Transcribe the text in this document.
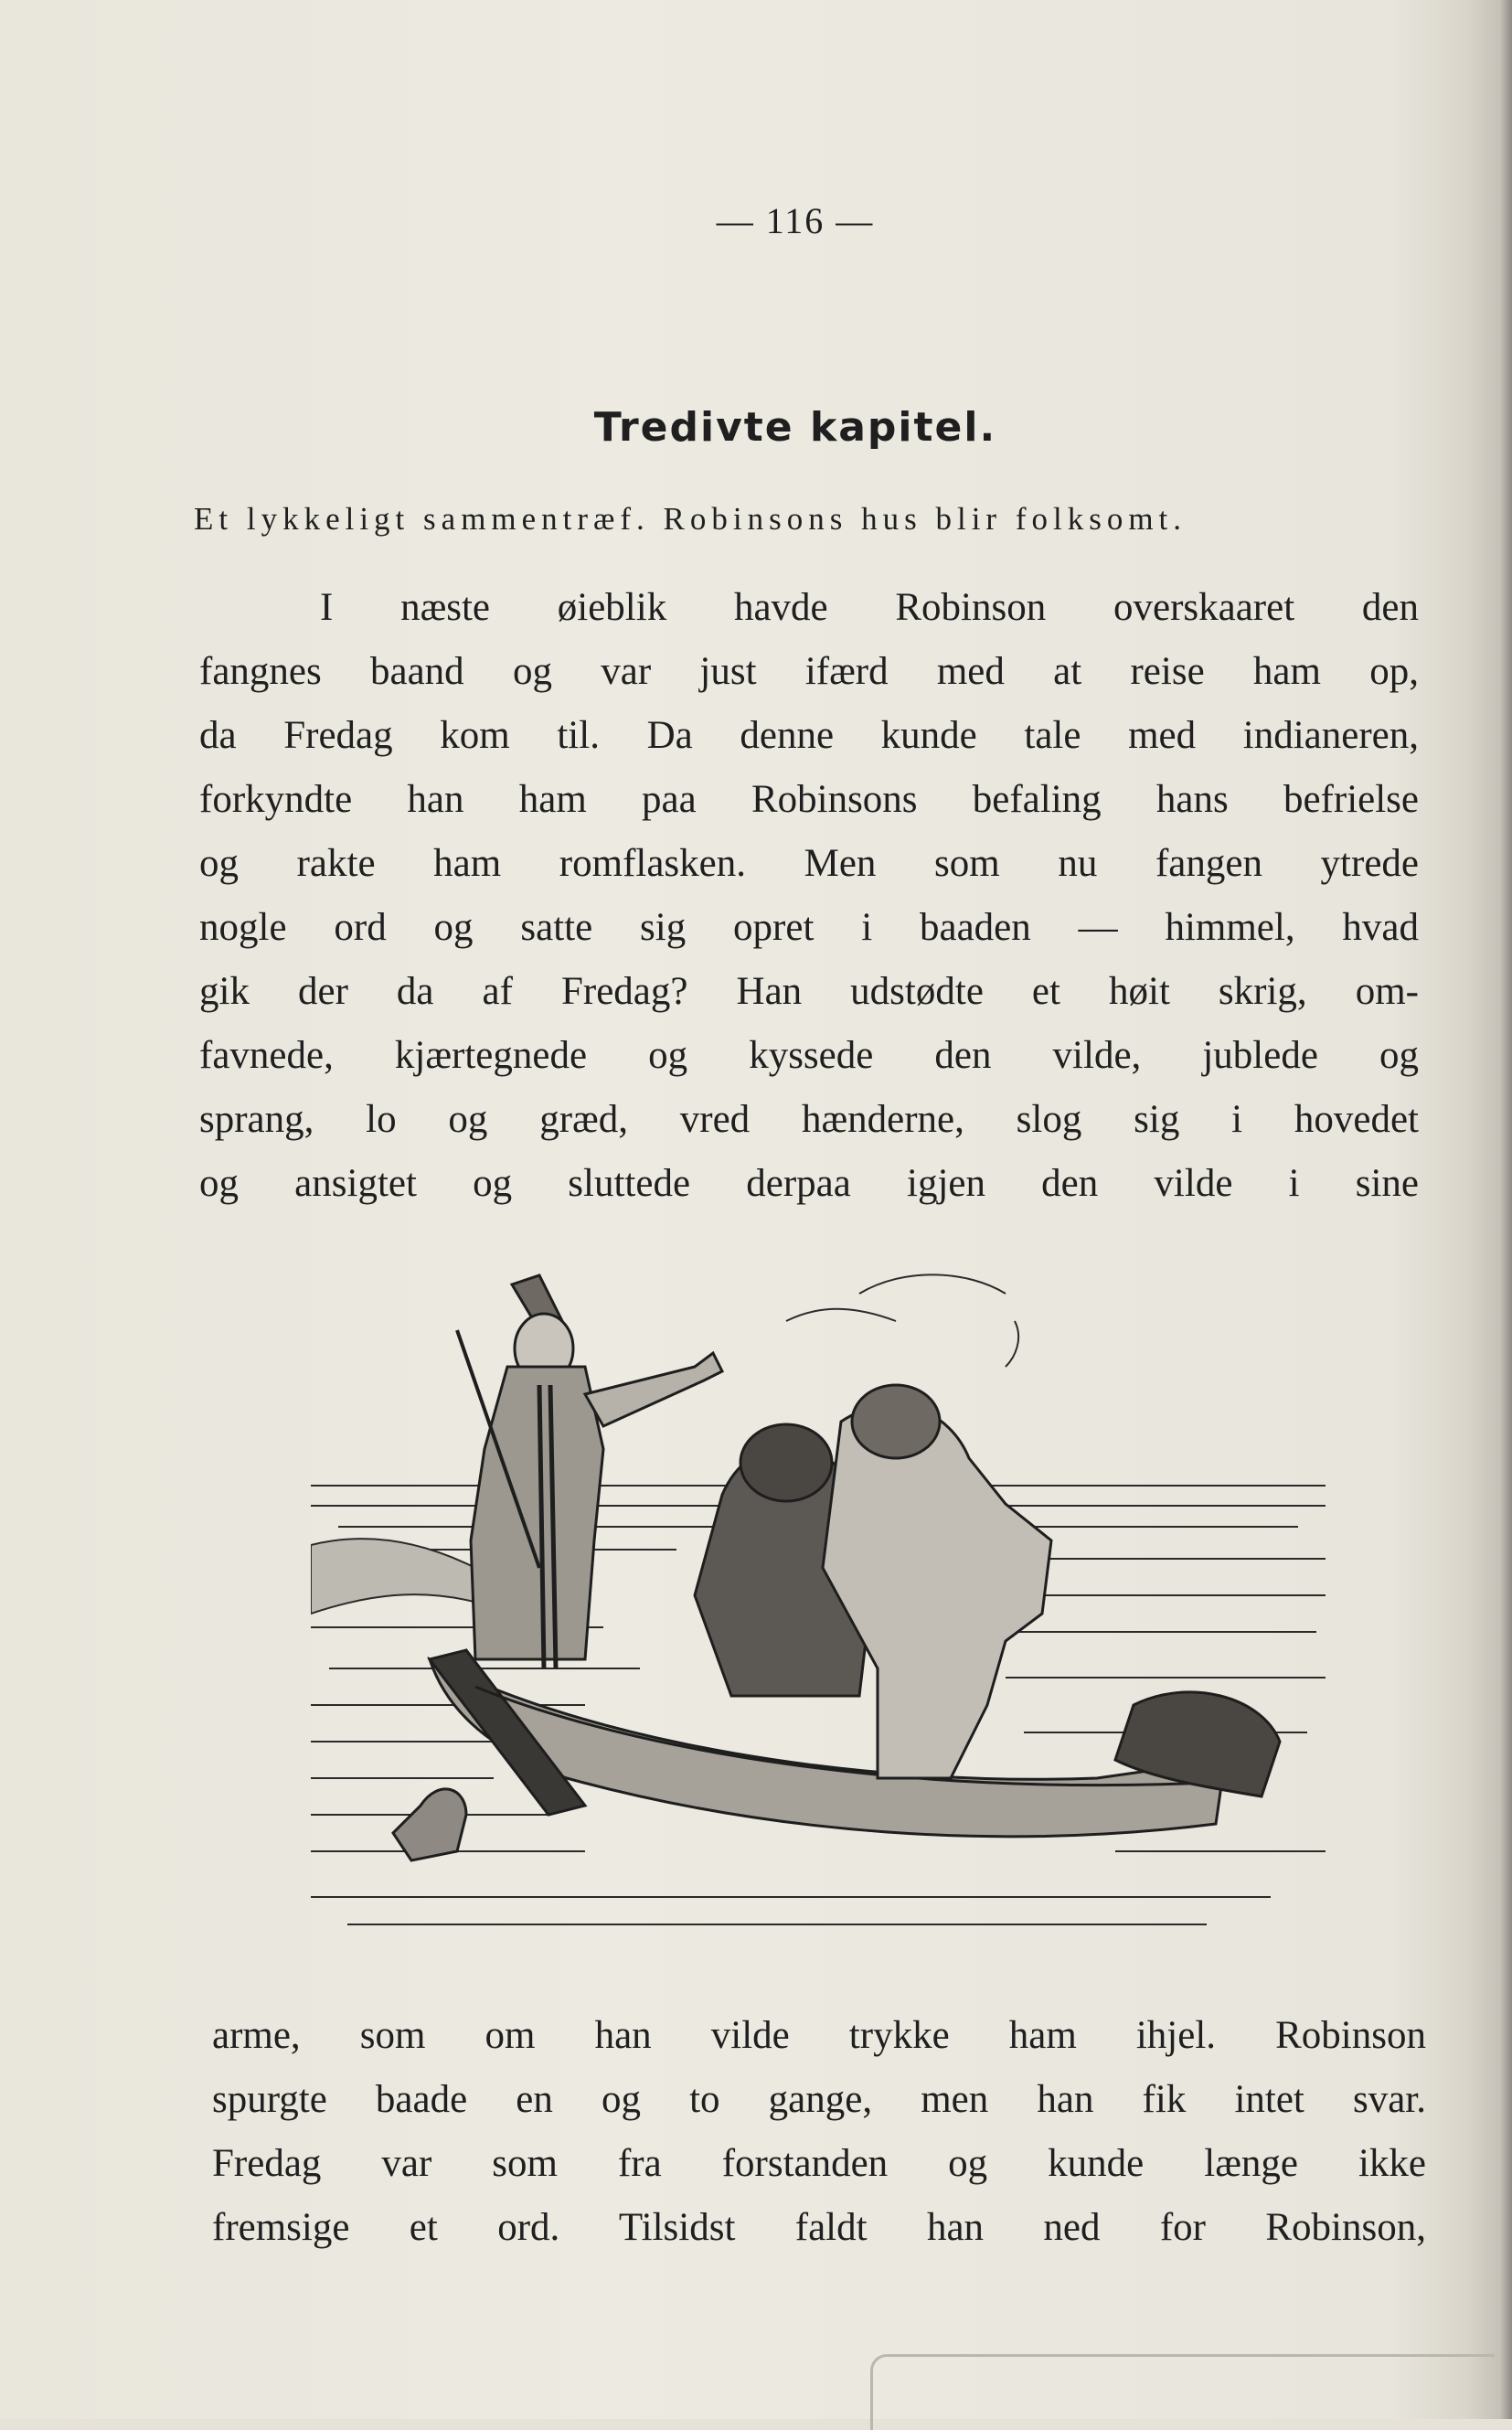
— 116 —
Tredivte kapitel.
Et lykkeligt sammentræf. Robinsons hus blir folksomt.
I næste øieblik havde Robinson overskaaret den
fangnes baand og var just ifærd med at reise ham op,
da Fredag kom til. Da denne kunde tale med indianeren,
forkyndte han ham paa Robinsons befaling hans befrielse
og rakte ham romflasken. Men som nu fangen ytrede
nogle ord og satte sig opret i baaden — himmel, hvad
gik der da af Fredag? Han udstødte et høit skrig, om-
favnede, kjærtegnede og kyssede den vilde, jublede og
sprang, lo og græd, vred hænderne, slog sig i hovedet
og ansigtet og sluttede derpaa igjen den vilde i sine
arme, som om han vilde trykke ham ihjel. Robinson
spurgte baade en og to gange, men han fik intet svar.
Fredag var som fra forstanden og kunde længe ikke
fremsige et ord. Tilsidst faldt han ned for Robinson,
